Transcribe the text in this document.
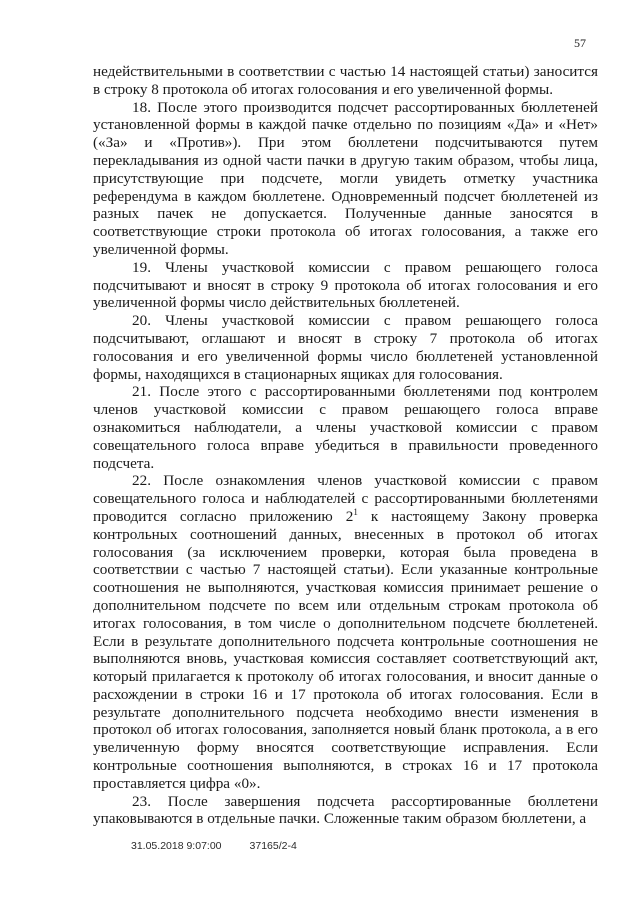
57

недействительными в соответствии с частью 14 настоящей статьи) заносится в строку 8 протокола об итогах голосования и его увеличенной формы.

18. После этого производится подсчет рассортированных бюллетеней установленной формы в каждой пачке отдельно по позициям «Да» и «Нет» («За» и «Против»). При этом бюллетени подсчитываются путем перекладывания из одной части пачки в другую таким образом, чтобы лица, присутствующие при подсчете, могли увидеть отметку участника референдума в каждом бюллетене. Одновременный подсчет бюллетеней из разных пачек не допускается. Полученные данные заносятся в соответствующие строки протокола об итогах голосования, а также его увеличенной формы.

19. Члены участковой комиссии с правом решающего голоса подсчитывают и вносят в строку 9 протокола об итогах голосования и его увеличенной формы число действительных бюллетеней.

20. Члены участковой комиссии с правом решающего голоса подсчитывают, оглашают и вносят в строку 7 протокола об итогах голосования и его увеличенной формы число бюллетеней установленной формы, находящихся в стационарных ящиках для голосования.

21. После этого с рассортированными бюллетенями под контролем членов участковой комиссии с правом решающего голоса вправе ознакомиться наблюдатели, а члены участковой комиссии с правом совещательного голоса вправе убедиться в правильности проведенного подсчета.

22. После ознакомления членов участковой комиссии с правом совещательного голоса и наблюдателей с рассортированными бюллетенями проводится согласно приложению $2^1$ к настоящему Закону проверка контрольных соотношений данных, внесенных в протокол об итогах голосования (за исключением проверки, которая была проведена в соответствии с частью 7 настоящей статьи). Если указанные контрольные соотношения не выполняются, участковая комиссия принимает решение о дополнительном подсчете по всем или отдельным строкам протокола об итогах голосования, в том числе о дополнительном подсчете бюллетеней. Если в результате дополнительного подсчета контрольные соотношения не выполняются вновь, участковая комиссия составляет соответствующий акт, который прилагается к протоколу об итогах голосования, и вносит данные о расхождении в строки 16 и 17 протокола об итогах голосования. Если в результате дополнительного подсчета необходимо внести изменения в протокол об итогах голосования, заполняется новый бланк протокола, а в его увеличенную форму вносятся соответствующие исправления. Если контрольные соотношения выполняются, в строках 16 и 17 протокола проставляется цифра «0».

23. После завершения подсчета рассортированные бюллетени упаковываются в отдельные пачки. Сложенные таким образом бюллетени, а

31.05.2018 9:07:00	37165/2-4
